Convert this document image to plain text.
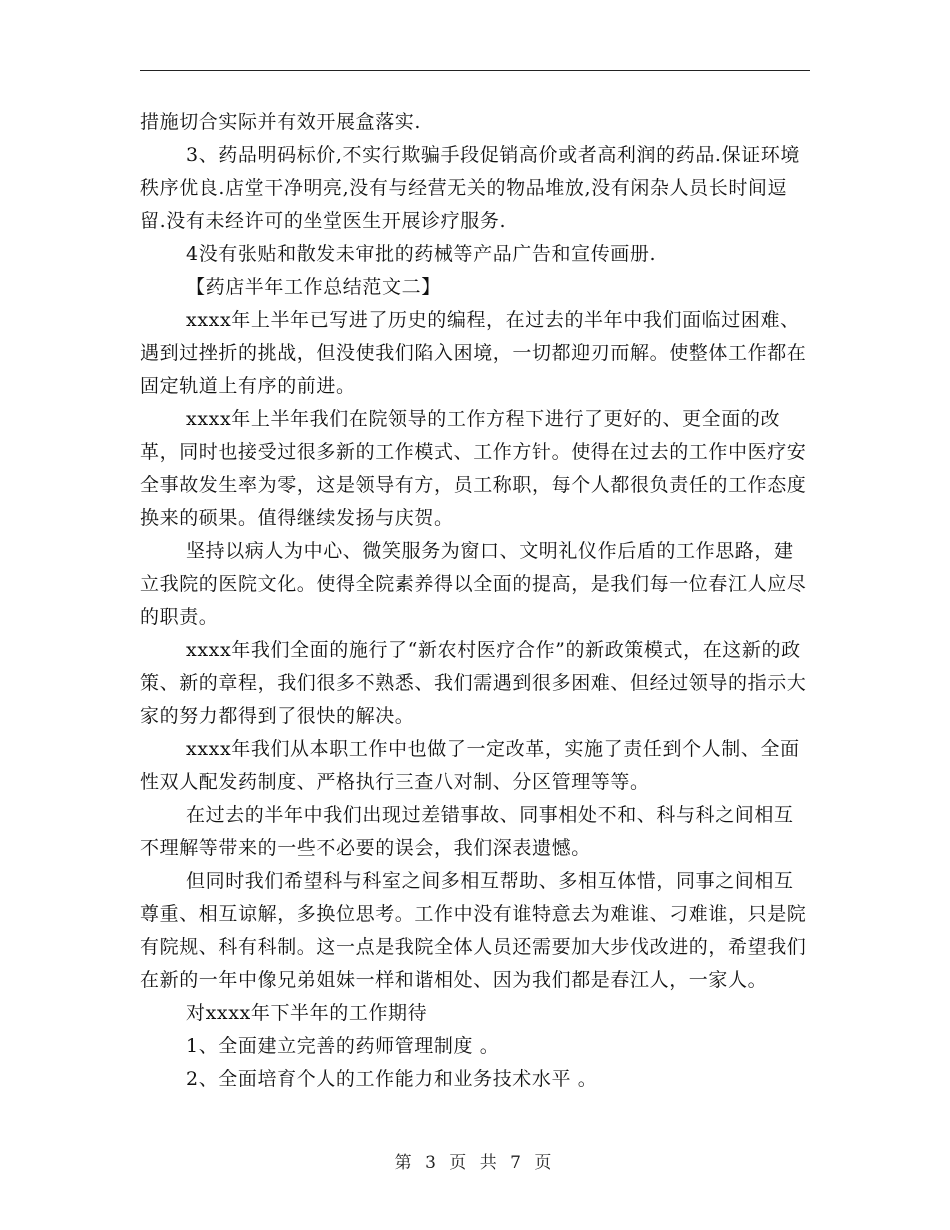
措施切合实际并有效开展盒落实.

3、药品明码标价,不实行欺骗手段促销高价或者高利润的药品.保证环境秩序优良.店堂干净明亮,没有与经营无关的物品堆放,没有闲杂人员长时间逗留.没有未经许可的坐堂医生开展诊疗服务.

4没有张贴和散发未审批的药械等产品广告和宣传画册.

【药店半年工作总结范文二】

xxxx年上半年已写进了历史的编程，在过去的半年中我们面临过困难、遇到过挫折的挑战，但没使我们陷入困境，一切都迎刃而解。使整体工作都在固定轨道上有序的前进。

xxxx年上半年我们在院领导的工作方程下进行了更好的、更全面的改革，同时也接受过很多新的工作模式、工作方针。使得在过去的工作中医疗安全事故发生率为零，这是领导有方，员工称职，每个人都很负责任的工作态度换来的硕果。值得继续发扬与庆贺。

坚持以病人为中心、微笑服务为窗口、文明礼仪作后盾的工作思路，建立我院的医院文化。使得全院素养得以全面的提高，是我们每一位春江人应尽的职责。

xxxx年我们全面的施行了“新农村医疗合作”的新政策模式，在这新的政策、新的章程，我们很多不熟悉、我们需遇到很多困难、但经过领导的指示大家的努力都得到了很快的解决。

xxxx年我们从本职工作中也做了一定改革，实施了责任到个人制、全面性双人配发药制度、严格执行三查八对制、分区管理等等。

在过去的半年中我们出现过差错事故、同事相处不和、科与科之间相互不理解等带来的一些不必要的误会，我们深表遗憾。

但同时我们希望科与科室之间多相互帮助、多相互体惜，同事之间相互尊重、相互谅解，多换位思考。工作中没有谁特意去为难谁、刁难谁，只是院有院规、科有科制。这一点是我院全体人员还需要加大步伐改进的，希望我们在新的一年中像兄弟姐妹一样和谐相处、因为我们都是春江人，一家人。

对xxxx年下半年的工作期待

1、全面建立完善的药师管理制度 。

2、全面培育个人的工作能力和业务技术水平 。

第 3 页 共 7 页
